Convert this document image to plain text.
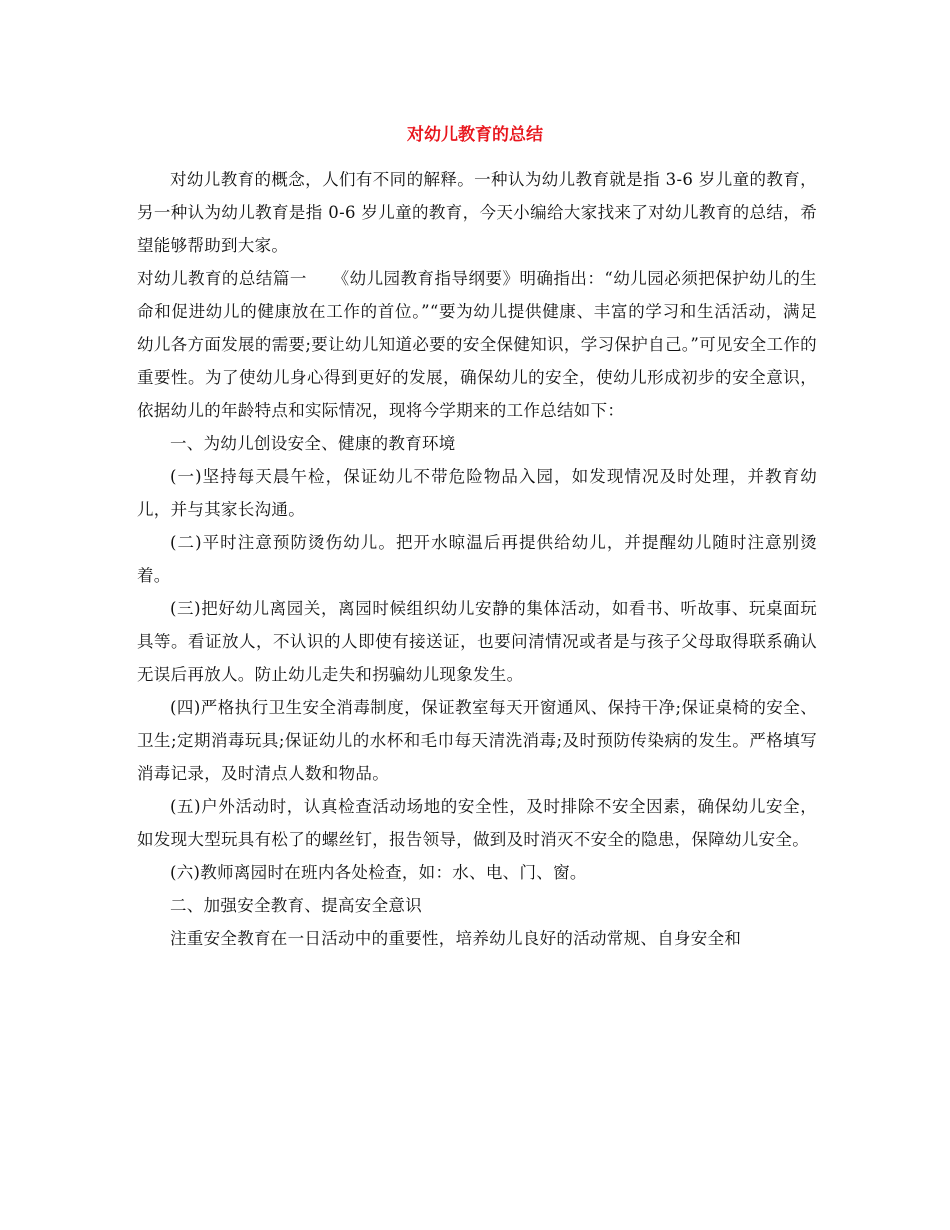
对幼儿教育的总结

对幼儿教育的概念，人们有不同的解释。一种认为幼儿教育就是指 3-6 岁儿童的教育，另一种认为幼儿教育是指 0-6 岁儿童的教育，今天小编给大家找来了对幼儿教育的总结，希望能够帮助到大家。

对幼儿教育的总结篇一　　《幼儿园教育指导纲要》明确指出：“幼儿园必须把保护幼儿的生命和促进幼儿的健康放在工作的首位。”“要为幼儿提供健康、丰富的学习和生活活动，满足幼儿各方面发展的需要;要让幼儿知道必要的安全保健知识，学习保护自己。”可见安全工作的重要性。为了使幼儿身心得到更好的发展，确保幼儿的安全，使幼儿形成初步的安全意识，依据幼儿的年龄特点和实际情况，现将今学期来的工作总结如下：

一、为幼儿创设安全、健康的教育环境

(一)坚持每天晨午检，保证幼儿不带危险物品入园，如发现情况及时处理，并教育幼儿，并与其家长沟通。

(二)平时注意预防烫伤幼儿。把开水晾温后再提供给幼儿，并提醒幼儿随时注意别烫着。

(三)把好幼儿离园关，离园时候组织幼儿安静的集体活动，如看书、听故事、玩桌面玩具等。看证放人，不认识的人即使有接送证，也要问清情况或者是与孩子父母取得联系确认无误后再放人。防止幼儿走失和拐骗幼儿现象发生。

(四)严格执行卫生安全消毒制度，保证教室每天开窗通风、保持干净;保证桌椅的安全、卫生;定期消毒玩具;保证幼儿的水杯和毛巾每天清洗消毒;及时预防传染病的发生。严格填写消毒记录，及时清点人数和物品。

(五)户外活动时，认真检查活动场地的安全性，及时排除不安全因素，确保幼儿安全，如发现大型玩具有松了的螺丝钉，报告领导，做到及时消灭不安全的隐患，保障幼儿安全。

(六)教师离园时在班内各处检查，如：水、电、门、窗。

二、加强安全教育、提高安全意识

注重安全教育在一日活动中的重要性，培养幼儿良好的活动常规、自身安全和
